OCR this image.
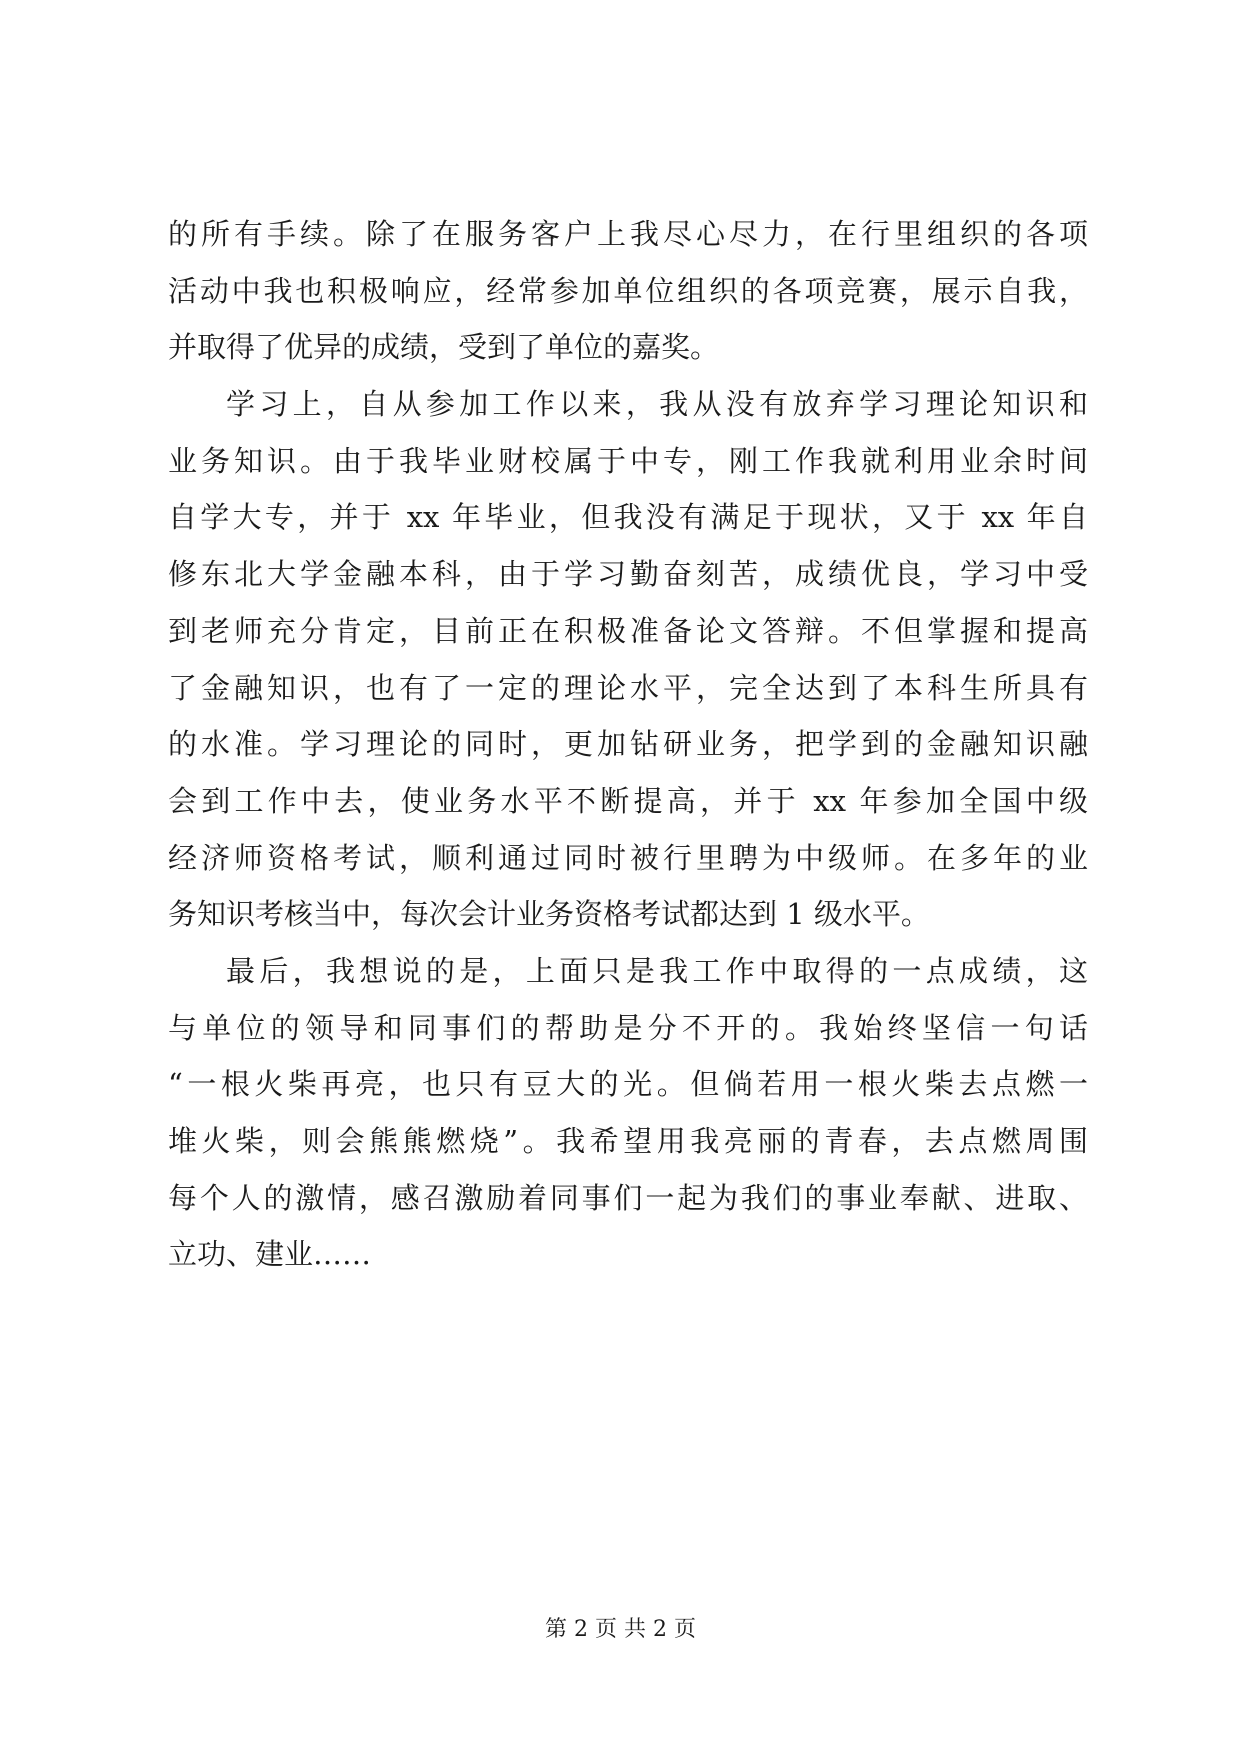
的所有手续。除了在服务客户上我尽心尽力，在行里组织的各项
活动中我也积极响应，经常参加单位组织的各项竞赛，展示自我，
并取得了优异的成绩，受到了单位的嘉奖。
学习上，自从参加工作以来，我从没有放弃学习理论知识和
业务知识。由于我毕业财校属于中专，刚工作我就利用业余时间
自学大专，并于 xx 年毕业，但我没有满足于现状，又于 xx 年自
修东北大学金融本科，由于学习勤奋刻苦，成绩优良，学习中受
到老师充分肯定，目前正在积极准备论文答辩。不但掌握和提高
了金融知识，也有了一定的理论水平，完全达到了本科生所具有
的水准。学习理论的同时，更加钻研业务，把学到的金融知识融
会到工作中去，使业务水平不断提高，并于 xx 年参加全国中级
经济师资格考试，顺利通过同时被行里聘为中级师。在多年的业
务知识考核当中，每次会计业务资格考试都达到 1 级水平。
最后，我想说的是，上面只是我工作中取得的一点成绩，这
与单位的领导和同事们的帮助是分不开的。我始终坚信一句话
“一根火柴再亮，也只有豆大的光。但倘若用一根火柴去点燃一
堆火柴，则会熊熊燃烧”。我希望用我亮丽的青春，去点燃周围
每个人的激情，感召激励着同事们一起为我们的事业奉献、进取、
立功、建业……
第 2 页 共 2 页
